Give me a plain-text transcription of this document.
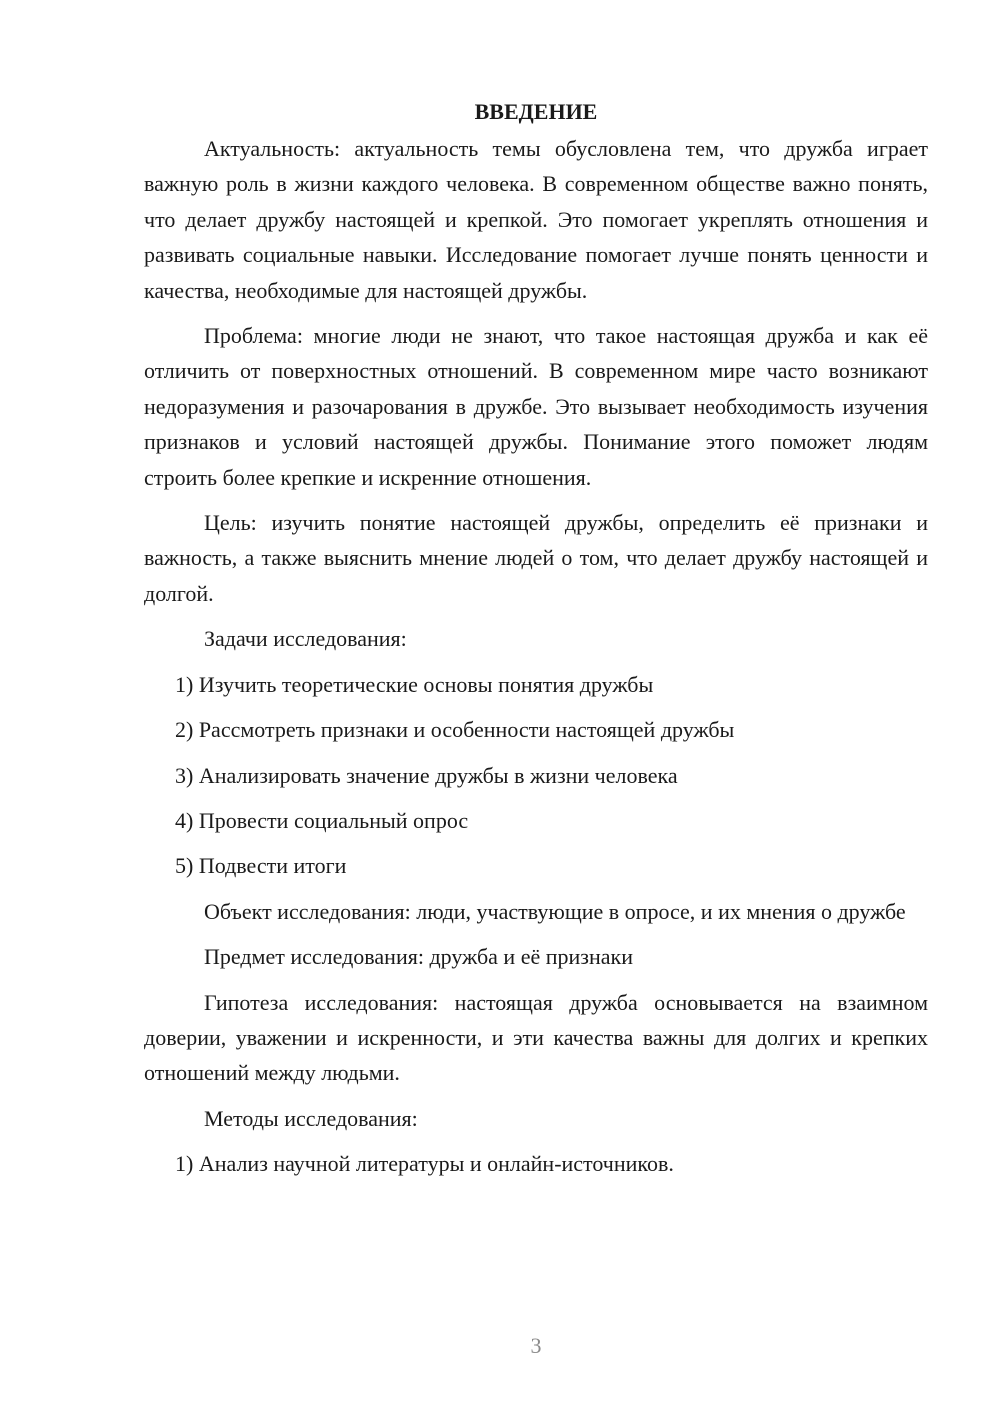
ВВЕДЕНИЕ

Актуальность: актуальность темы обусловлена тем, что дружба играет важную роль в жизни каждого человека. В современном обществе важно понять, что делает дружбу настоящей и крепкой. Это помогает укреплять отношения и развивать социальные навыки. Исследование помогает лучше понять ценности и качества, необходимые для настоящей дружбы.

Проблема: многие люди не знают, что такое настоящая дружба и как её отличить от поверхностных отношений. В современном мире часто возникают недоразумения и разочарования в дружбе. Это вызывает необходимость изучения признаков и условий настоящей дружбы. Понимание этого поможет людям строить более крепкие и искренние отношения.

Цель: изучить понятие настоящей дружбы, определить её признаки и важность, а также выяснить мнение людей о том, что делает дружбу настоящей и долгой.

Задачи исследования:

1) Изучить теоретические основы понятия дружбы
2) Рассмотреть признаки и особенности настоящей дружбы
3) Анализировать значение дружбы в жизни человека
4) Провести социальный опрос
5) Подвести итоги

Объект исследования: люди, участвующие в опросе, и их мнения о дружбе

Предмет исследования: дружба и её признаки

Гипотеза исследования: настоящая дружба основывается на взаимном доверии, уважении и искренности, и эти качества важны для долгих и крепких отношений между людьми.

Методы исследования:

1) Анализ научной литературы и онлайн-источников.
3
